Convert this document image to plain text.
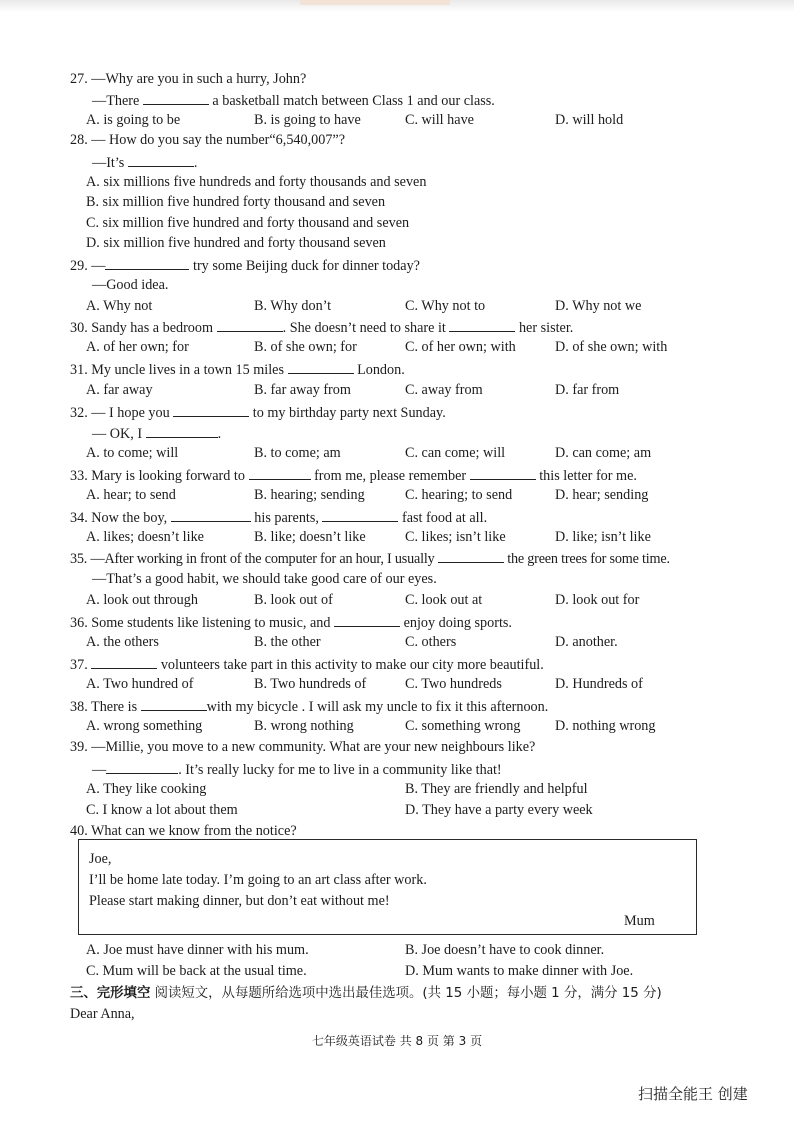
27. —Why are you in such a hurry, John?
—There	a basketball match between Class 1 and our class.
A. is going to be	B. is going to have	C. will have	D. will hold
28. — How do you say the number“6,540,007”?
—It’s	.
A. six millions five hundreds and forty thousands and seven
B. six million five hundred forty thousand and seven
C. six million five hundred and forty thousand and seven
D. six million five hundred and forty thousand seven
29. —	try some Beijing duck for dinner today?
—Good idea.
A. Why not	B. Why don’t	C. Why not to	D. Why not we
30. Sandy has a bedroom	. She doesn’t need to share it	her sister.
A. of her own; for	B. of she own; for	C. of her own; with	D. of she own; with
31. My uncle lives in a town 15 miles	London.
A. far away	B. far away from	C. away from	D. far from
32. — I hope you	to my birthday party next Sunday.
— OK, I	.
A. to come; will	B. to come; am	C. can come; will	D. can come; am
33. Mary is looking forward to	from me, please remember	this letter for me.
A. hear; to send	B. hearing; sending	C. hearing; to send	D. hear; sending
34. Now the boy,	his parents,	fast food at all.
A. likes; doesn’t like	B. like; doesn’t like	C. likes; isn’t like	D. like; isn’t like
35. —After working in front of the computer for an hour, I usually	the green trees for some time.
—That’s a good habit, we should take good care of our eyes.
A. look out through	B. look out of	C. look out at	D. look out for
36. Some students like listening to music, and	enjoy doing sports.
A. the others	B. the other	C. others	D. another.
37.	volunteers take part in this activity to make our city more beautiful.
A. Two hundred of	B. Two hundreds of	C. Two hundreds	D. Hundreds of
38. There is	with my bicycle . I will ask my uncle to fix it this afternoon.
A. wrong something	B. wrong nothing	C. something wrong D. nothing wrong
39. —Millie, you move to a new community. What are your new neighbours like?
—	. It’s really lucky for me to live in a community like that!
A. They like cooking	B. They are friendly and helpful
C. I know a lot about them	D. They have a party every week
40. What can we know from the notice?
Joe,
I’ll be home late today. I’m going to an art class after work.
Please start making dinner, but don’t eat without me!
Mum
A. Joe must have dinner with his mum.	B. Joe doesn’t have to cook dinner.
C. Mum will be back at the usual time.	D. Mum wants to make dinner with Joe.
三、完形填空 阅读短文，从每题所给选项中选出最佳选项。(共 15 小题；每小题 1 分，满分 15 分)
Dear Anna,
七年级英语试卷 共 8 页 第 3 页
扫描全能王 创建
